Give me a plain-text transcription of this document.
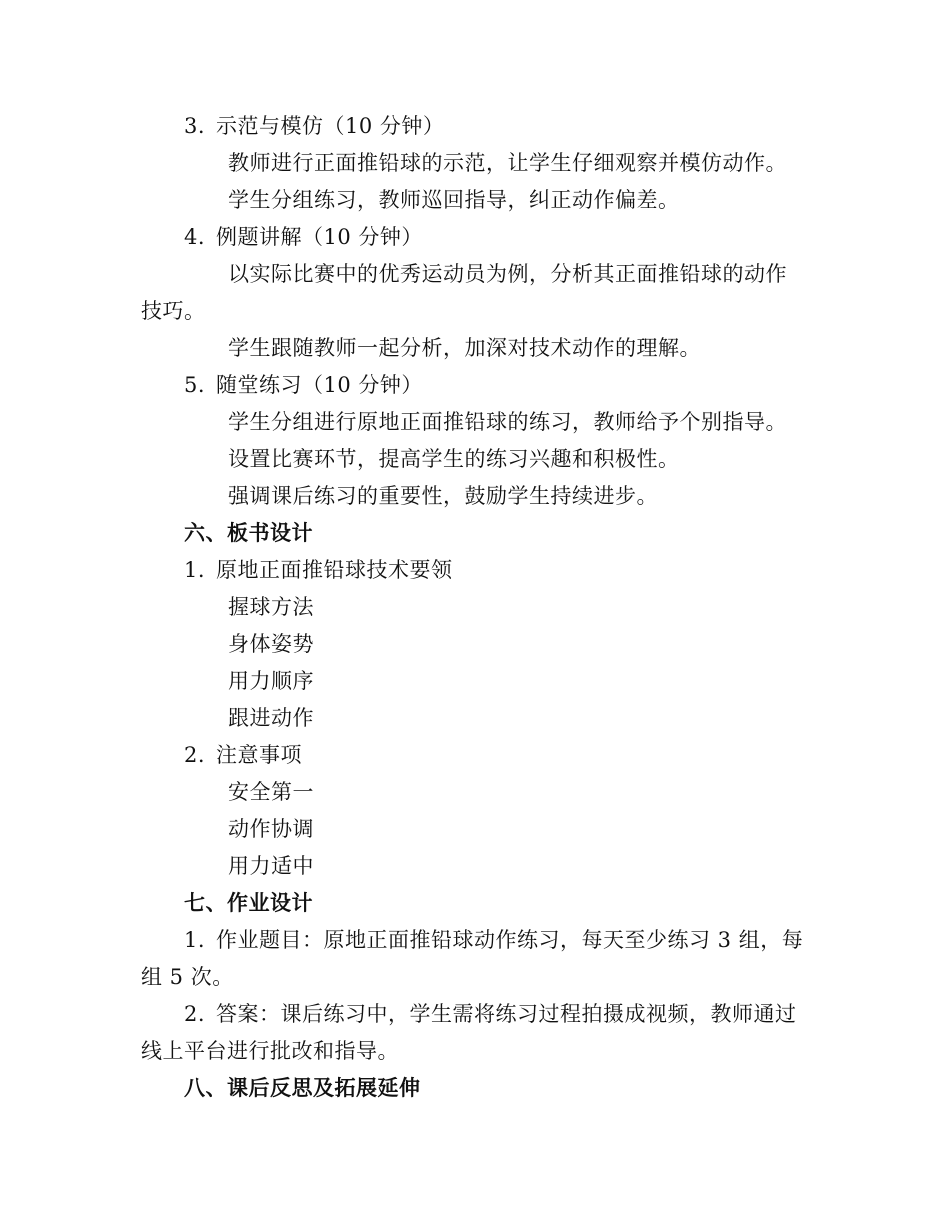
3. 示范与模仿（10 分钟）
教师进行正面推铅球的示范，让学生仔细观察并模仿动作。
学生分组练习，教师巡回指导，纠正动作偏差。
4. 例题讲解（10 分钟）
以实际比赛中的优秀运动员为例，分析其正面推铅球的动作
技巧。
学生跟随教师一起分析，加深对技术动作的理解。
5. 随堂练习（10 分钟）
学生分组进行原地正面推铅球的练习，教师给予个别指导。
设置比赛环节，提高学生的练习兴趣和积极性。
强调课后练习的重要性，鼓励学生持续进步。
六、板书设计
1. 原地正面推铅球技术要领
握球方法
身体姿势
用力顺序
跟进动作
2. 注意事项
安全第一
动作协调
用力适中
七、作业设计
1. 作业题目：原地正面推铅球动作练习，每天至少练习 3 组，每
组 5 次。
2. 答案：课后练习中，学生需将练习过程拍摄成视频，教师通过
线上平台进行批改和指导。
八、课后反思及拓展延伸
